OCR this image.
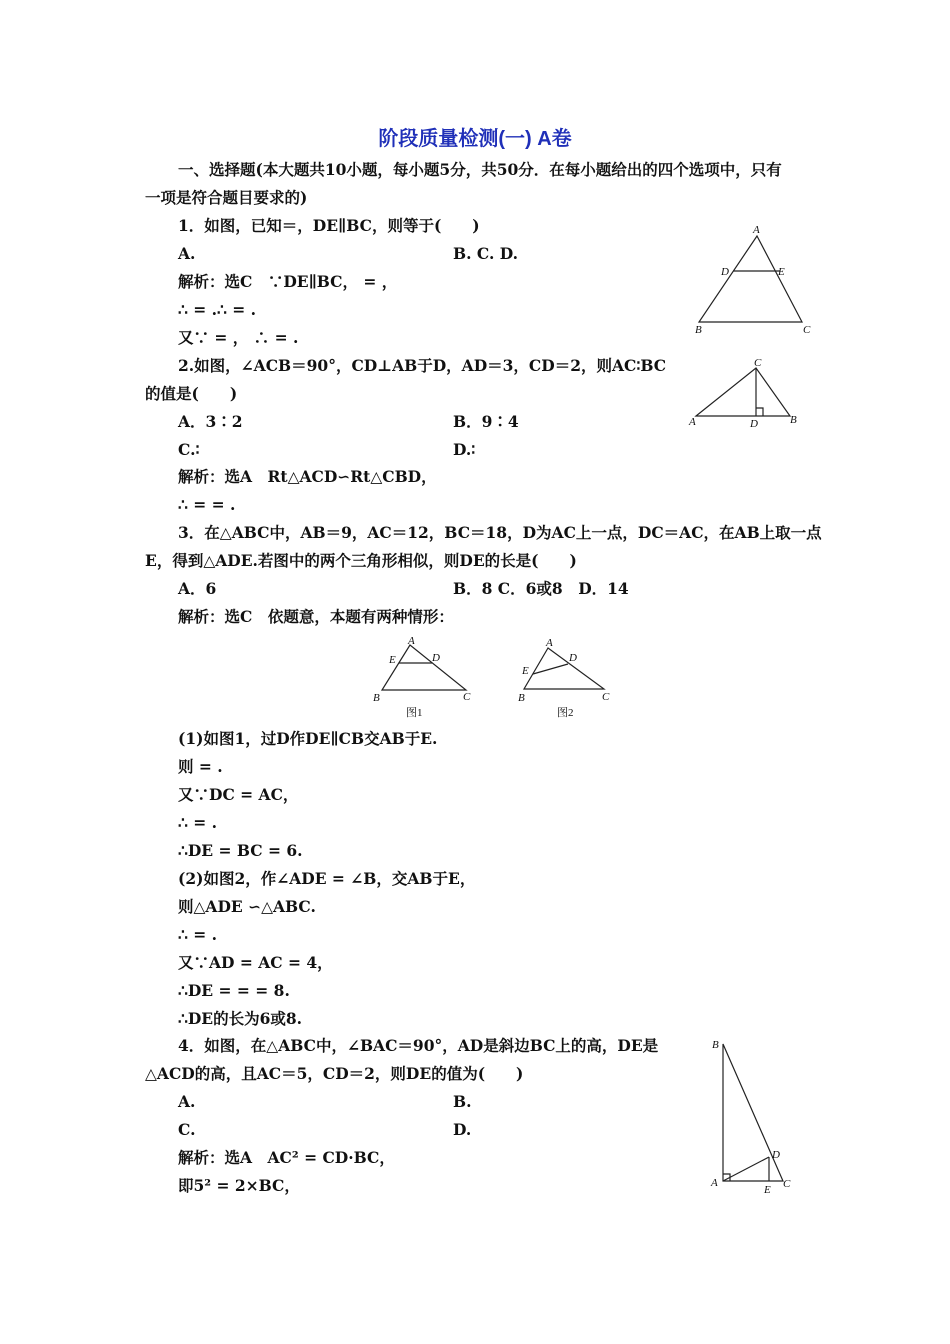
阶段质量检测(一) A卷
一、选择题(本大题共10小题，每小题5分，共50分．在每小题给出的四个选项中，只有
一项是符合题目要求的)
1．如图，已知＝，DE∥BC，则等于(　　)
A.	B. C. D.
解析：选C　∵DE∥BC， = ，
∴ = .∴ = .
又∵ = ， ∴ = .
2.如图，∠ACB＝90°，CD⊥AB于D，AD＝3，CD＝2，则AC∶BC
的值是(　　)
A．3∶2	B．9∶4
C.∶	D.∶
解析：选A　Rt△ACD∽Rt△CBD，
∴ = = .
3．在△ABC中，AB＝9，AC＝12，BC＝18，D为AC上一点，DC＝AC，在AB上取一点
E，得到△ADE.若图中的两个三角形相似，则DE的长是(　　)
A．6	B．8 C．6或8　D．14
解析：选C　依题意，本题有两种情形：
(1)如图1，过D作DE∥CB交AB于E.
则 = .
又∵DC = AC，
∴ = .
∴DE = BC = 6.
(2)如图2，作∠ADE = ∠B，交AB于E，
则△ADE ∽△ABC.
∴ = .
又∵AD = AC = 4，
∴DE = = = 8.
∴DE的长为6或8.
4．如图，在△ABC中，∠BAC＝90°，AD是斜边BC上的高，DE是
△ACD的高，且AC＝5，CD＝2，则DE的值为(　　)
A.	B.
C.	D.
解析：选A　AC² = CD·BC，
即5² = 2×BC，
A
D	E
B	C
C
A	D	B
A
E	D
B	C
图1
A
E
D
B	C
图2
B
D
A
E C
